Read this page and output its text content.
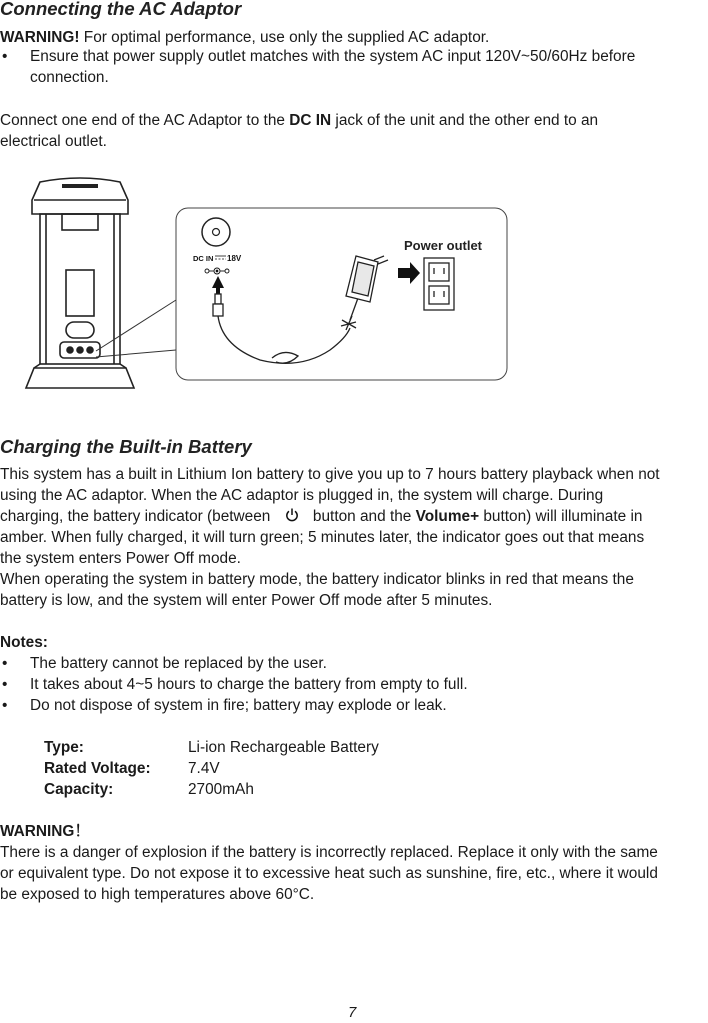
Connecting the AC Adaptor

WARNING! For optimal performance, use only the supplied AC adaptor.

• Ensure that power supply outlet matches with the system AC input 120V~50/60Hz before

connection.

Connect one end of the AC Adaptor to the DC IN jack of the unit and the other end to an

electrical outlet.

DC IN 18V
Power outlet
Charging the Built-in Battery

This system has a built in Lithium Ion battery to give you up to 7 hours battery playback when not

using the AC adaptor. When the AC adaptor is plugged in, the system will charge. During

charging, the battery indicator (between	button and the Volume+ button) will illuminate in

amber. When fully charged, it will turn green; 5 minutes later, the indicator goes out that means

the system enters Power Off mode.

When operating the system in battery mode, the battery indicator blinks in red that means the

battery is low, and the system will enter Power Off mode after 5 minutes.

Notes:

• The battery cannot be replaced by the user.
• It takes about 4~5 hours to charge the battery from empty to full.
• Do not dispose of system in fire; battery may explode or leak.
Type:	Li-ion Rechargeable Battery
Rated Voltage: 7.4V
Capacity:	2700mAh

WARNING！

There is a danger of explosion if the battery is incorrectly replaced. Replace it only with the same

or equivalent type. Do not expose it to excessive heat such as sunshine, fire, etc., where it would

be exposed to high temperatures above 60°C.

7
